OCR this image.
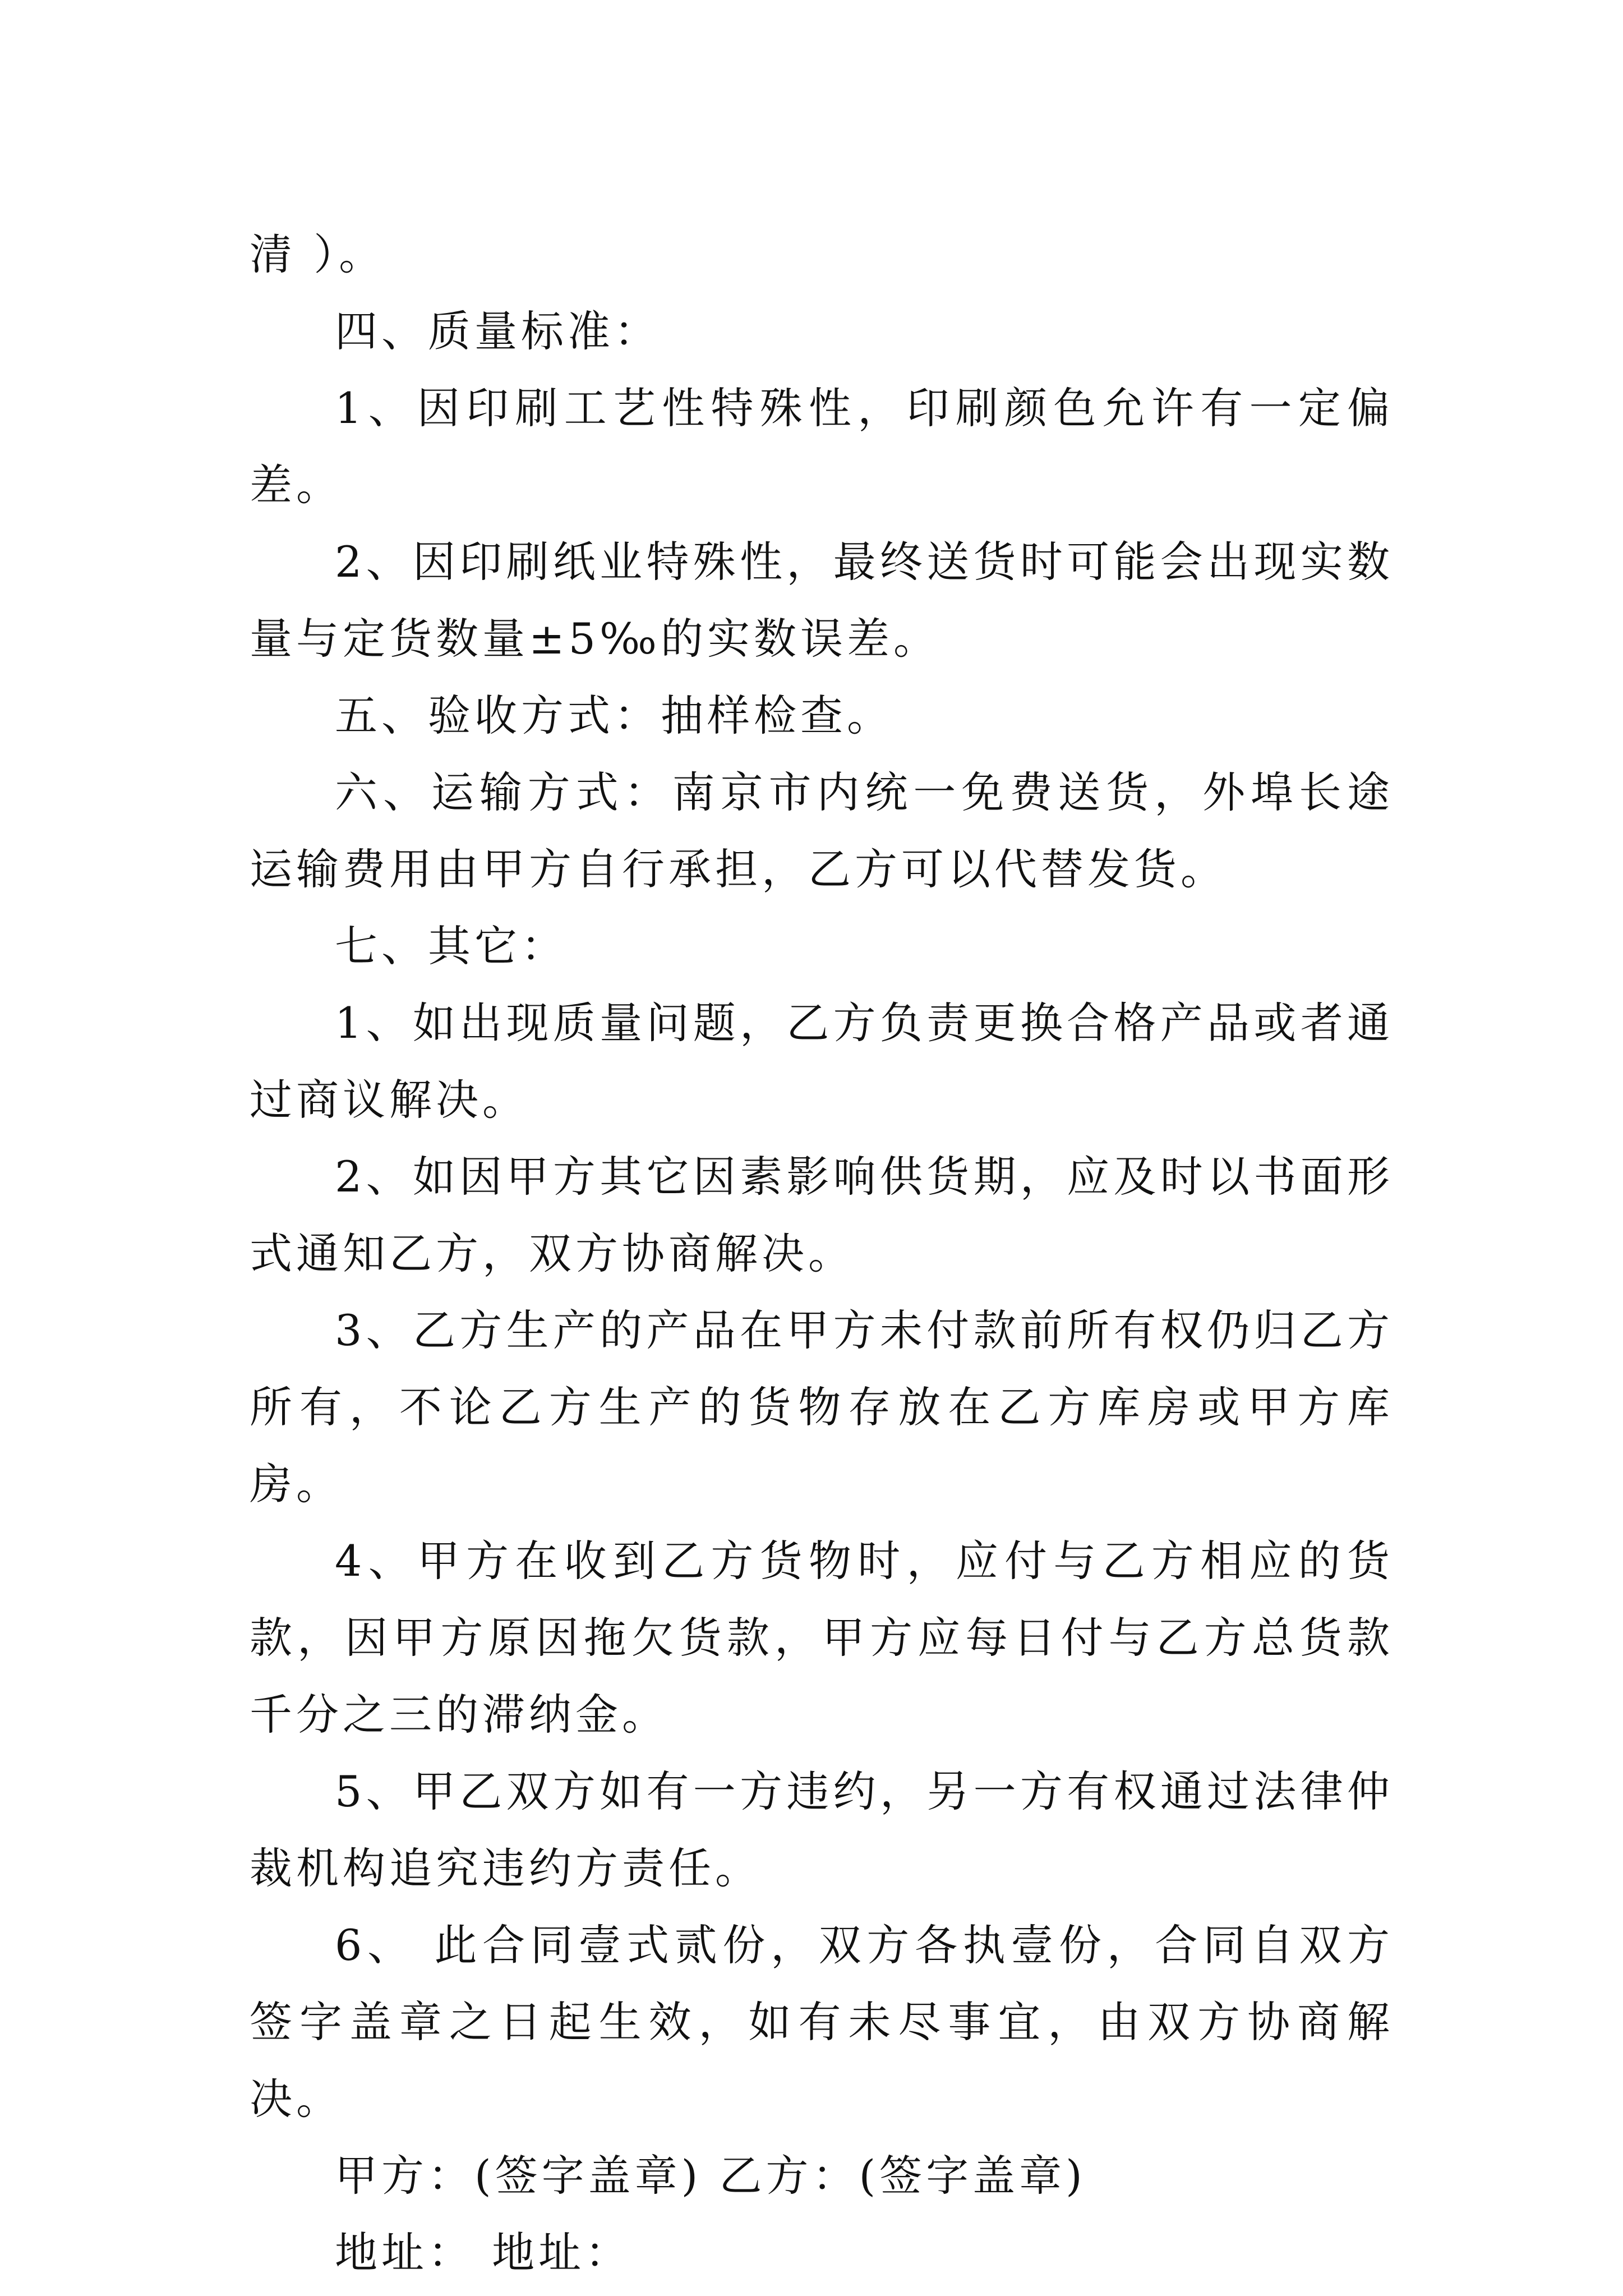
清 ）。

四、质量标准：

1、因印刷工艺性特殊性，印刷颜色允许有一定偏差。

2、因印刷纸业特殊性，最终送货时可能会出现实数量与定货数量±5‰的实数误差。

五、验收方式：抽样检查。

六、运输方式：南京市内统一免费送货，外埠长途运输费用由甲方自行承担，乙方可以代替发货。

七、其它：

1、如出现质量问题，乙方负责更换合格产品或者通过商议解决。

2、如因甲方其它因素影响供货期，应及时以书面形式通知乙方，双方协商解决。

3、乙方生产的产品在甲方未付款前所有权仍归乙方所有，不论乙方生产的货物存放在乙方库房或甲方库房。

4、甲方在收到乙方货物时，应付与乙方相应的货款，因甲方原因拖欠货款，甲方应每日付与乙方总货款千分之三的滞纳金。

5、甲乙双方如有一方违约，另一方有权通过法律仲裁机构追究违约方责任。

6、 此合同壹式贰份，双方各执壹份，合同自双方签字盖章之日起生效，如有未尽事宜，由双方协商解决。

甲方：(签字盖章) 乙方：(签字盖章)

地址： 地址：
